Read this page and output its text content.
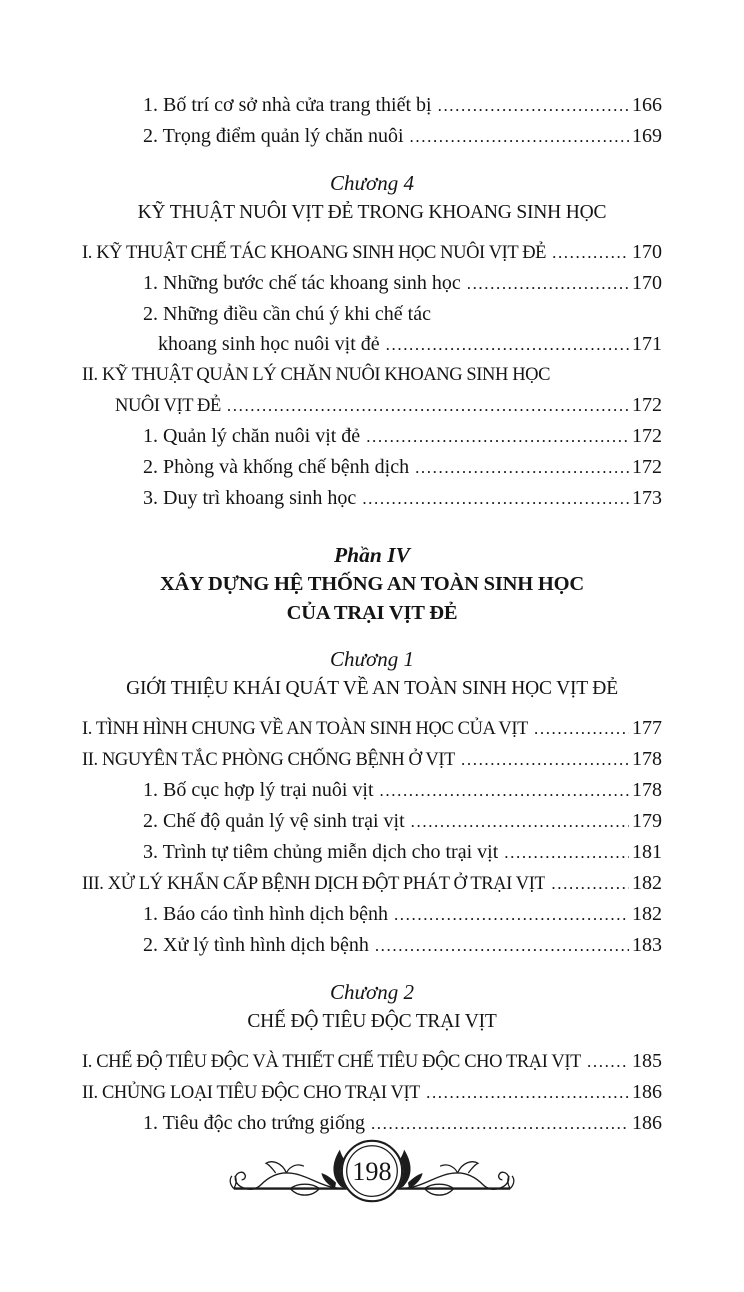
1. Bố trí cơ sở nhà cửa trang thiết bị .....	166
2. Trọng điểm quản lý chăn nuôi .....	169
Chương 4
KỸ THUẬT NUÔI VỊT ĐẺ TRONG KHOANG SINH HỌC
I. KỸ THUẬT CHẾ TÁC KHOANG SINH HỌC NUÔI VỊT ĐẺ .....	170
1. Những bước chế tác khoang sinh học .....	170
2. Những điều cần chú ý khi chế tác
khoang sinh học nuôi vịt đẻ .....	171
II. KỸ THUẬT QUẢN LÝ CHĂN NUÔI KHOANG SINH HỌC
NUÔI VỊT ĐẺ .....	172
1. Quản lý chăn nuôi vịt đẻ .....	172
2. Phòng và khống chế bệnh dịch .....	172
3. Duy trì khoang sinh học .....	173
Phần IV
XÂY DỰNG HỆ THỐNG AN TOÀN SINH HỌC
CỦA TRẠI VỊT ĐẺ
Chương 1
GIỚI THIỆU KHÁI QUÁT VỀ AN TOÀN SINH HỌC VỊT ĐẺ
I. TÌNH HÌNH CHUNG VỀ AN TOÀN SINH HỌC CỦA VỊT .....	177
II. NGUYÊN TẮC PHÒNG CHỐNG BỆNH Ở VỊT .....	178
1. Bố cục hợp lý trại nuôi vịt .....	178
2. Chế độ quản lý vệ sinh trại vịt .....	179
3. Trình tự tiêm chủng miễn dịch cho trại vịt .....	181
III. XỬ LÝ KHẨN CẤP BỆNH DỊCH ĐỘT PHÁT Ở TRẠI VỊT .....	182
1. Báo cáo tình hình dịch bệnh .....	182
2. Xử lý tình hình dịch bệnh .....	183
Chương 2
CHẾ ĐỘ TIÊU ĐỘC TRẠI VỊT
I. CHẾ ĐỘ TIÊU ĐỘC VÀ THIẾT CHẾ TIÊU ĐỘC CHO TRẠI VỊT .....	185
II. CHỦNG LOẠI TIÊU ĐỘC CHO TRẠI VỊT .....	186
1. Tiêu độc cho trứng giống .....	186
198
